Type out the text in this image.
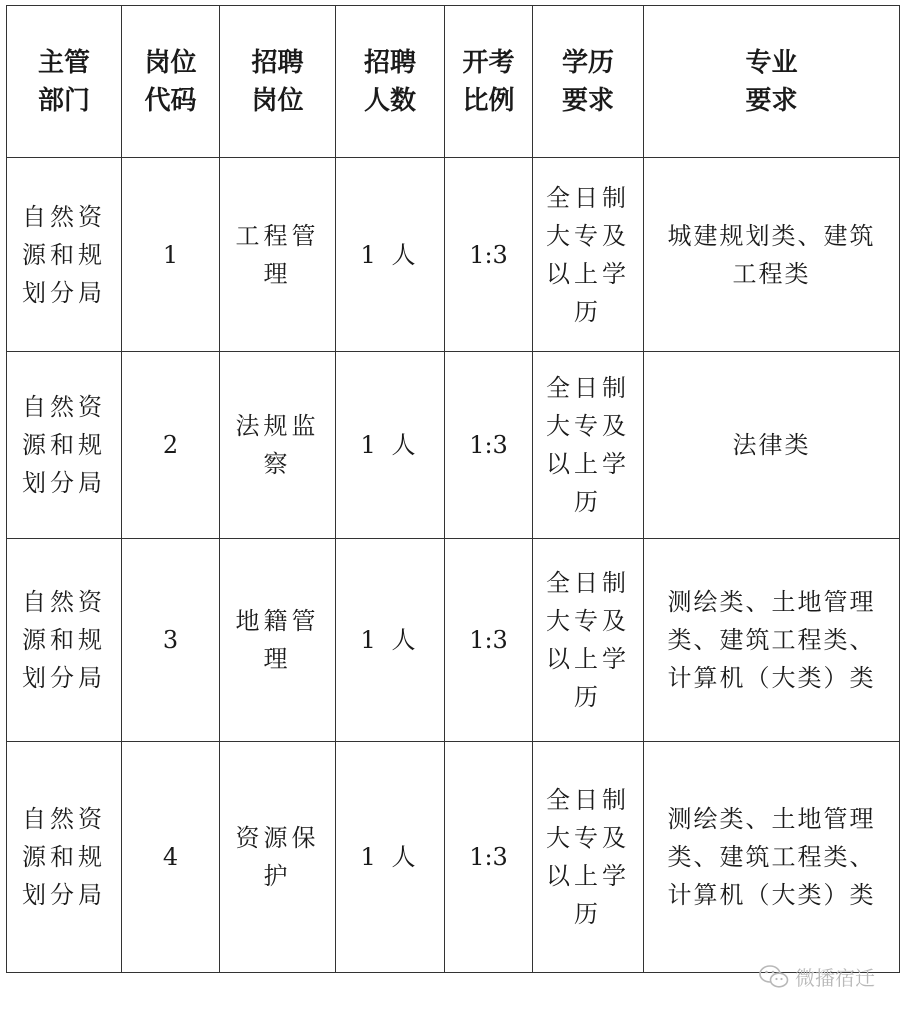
主管部门	岗位代码	招聘岗位	招聘人数	开考比例	学历要求	专业要求

自然资源和规划分局	1	工程管理	1 人	1:3	全日制大专及以上学历	城建规划类、建筑工程类

自然资源和规划分局	2	法规监察	1 人	1:3	全日制大专及以上学历	法律类

自然资源和规划分局	3	地籍管理	1 人	1:3	全日制大专及以上学历	测绘类、土地管理类、建筑工程类、计算机（大类）类

自然资源和规划分局	4	资源保护	1 人	1:3	全日制大专及以上学历	测绘类、土地管理类、建筑工程类、计算机（大类）类
微播宿迁
